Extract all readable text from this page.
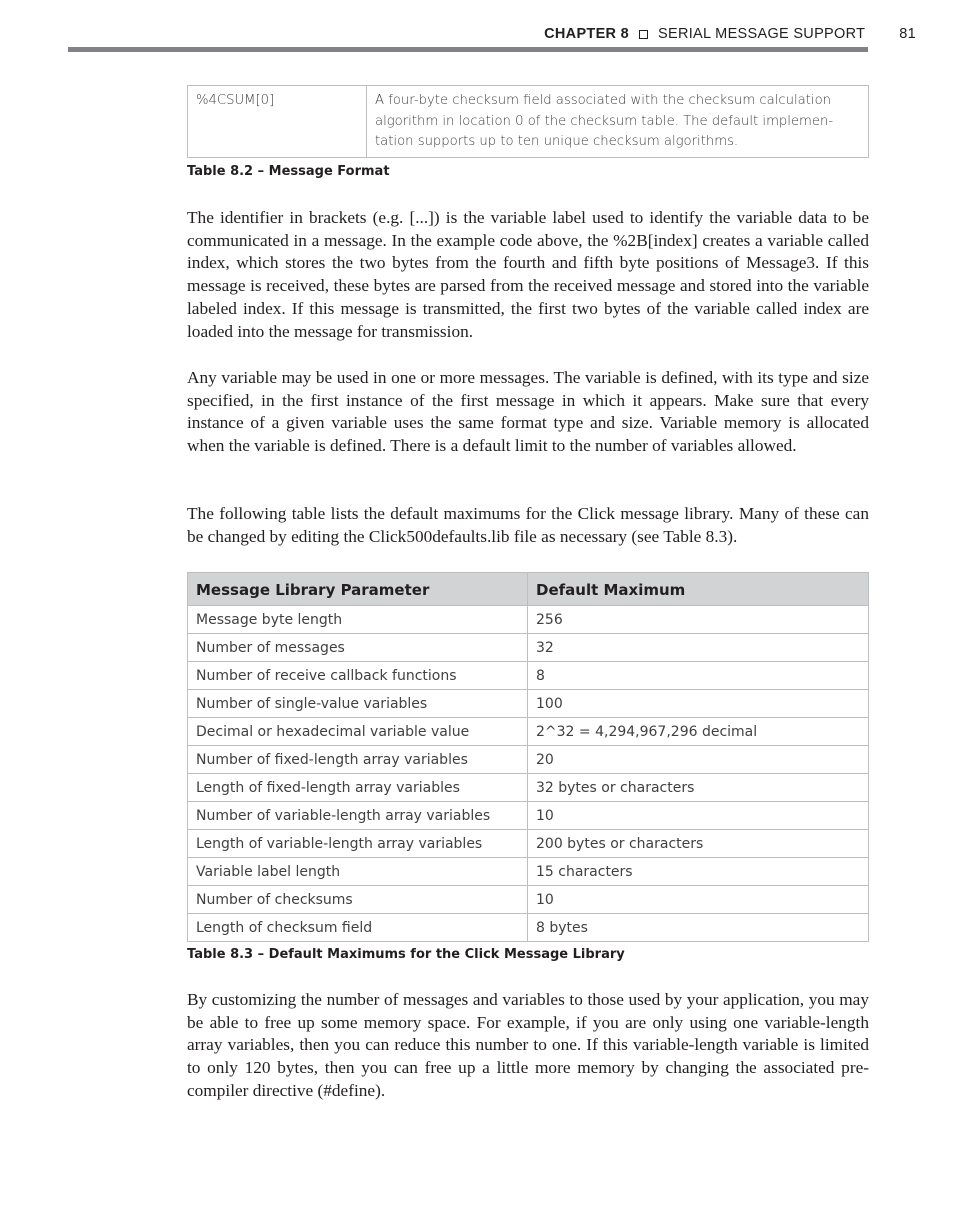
CHAPTER 8 SERIAL MESSAGE SUPPORT 81
%4CSUM[0]	A four-byte checksum field associated with the checksum calculation algorithm in location 0 of the checksum table. The default implemen-tation supports up to ten unique checksum algorithms.
Table 8.2 – Message Format

The identifier in brackets (e.g. [...]) is the variable label used to identify the variable data to be communicated in a message. In the example code above, the %2B[index] creates a variable called index, which stores the two bytes from the fourth and fifth byte positions of Message3. If this message is received, these bytes are parsed from the received message and stored into the variable labeled index. If this message is transmitted, the first two bytes of the variable called index are loaded into the message for transmission.

Any variable may be used in one or more messages. The variable is defined, with its type and size specified, in the first instance of the first message in which it appears. Make sure that every instance of a given variable uses the same format type and size. Variable memory is allocated when the variable is defined. There is a default limit to the number of variables allowed.

The following table lists the default maximums for the Click message library. Many of these can be changed by editing the Click500defaults.lib file as necessary (see Table 8.3).

Message Library Parameter	Default Maximum
Message byte length	256
Number of messages	32
Number of receive callback functions	8
Number of single-value variables	100
Decimal or hexadecimal variable value	2^32 = 4,294,967,296 decimal
Number of fixed-length array variables	20
Length of fixed-length array variables	32 bytes or characters
Number of variable-length array variables	10
Length of variable-length array variables	200 bytes or characters
Variable label length	15 characters
Number of checksums	10
Length of checksum field	8 bytes
Table 8.3 – Default Maximums for the Click Message Library

By customizing the number of messages and variables to those used by your application, you may be able to free up some memory space. For example, if you are only using one variable-length array variables, then you can reduce this number to one. If this variable-length variable is limited to only 120 bytes, then you can free up a little more memory by changing the associated pre-compiler directive (#define).
